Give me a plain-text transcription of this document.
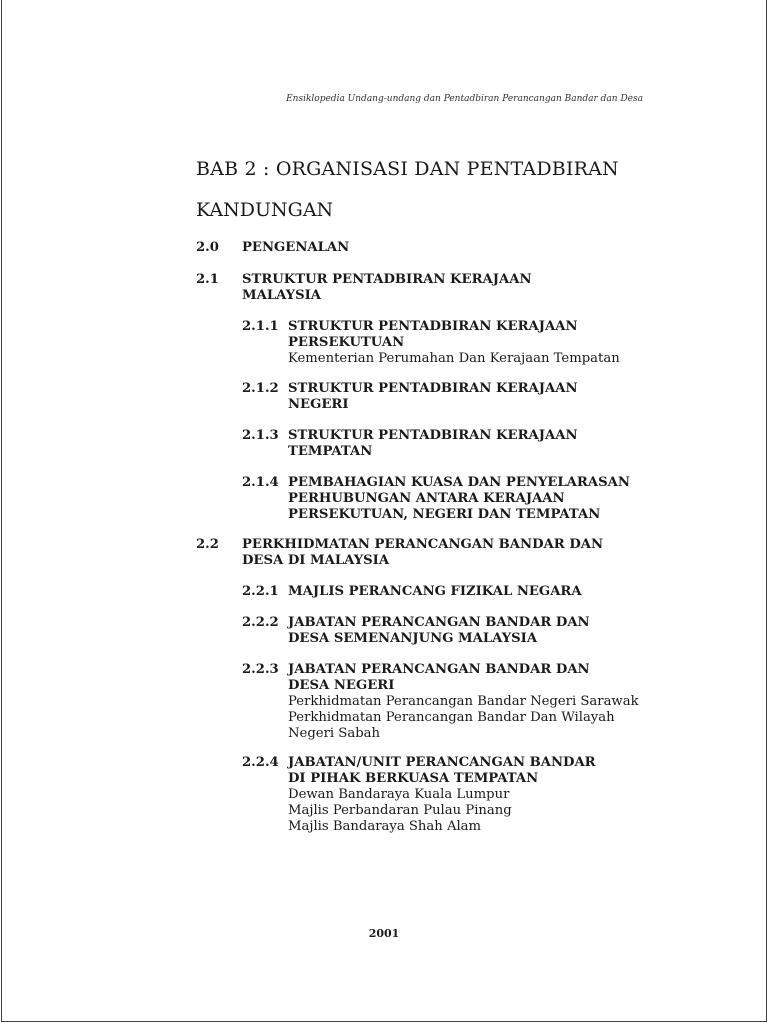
Ensiklopedia Undang-undang dan Pentadbiran Perancangan Bandar dan Desa
BAB 2 : ORGANISASI DAN PENTADBIRAN
KANDUNGAN
2.0 PENGENALAN
2.1 STRUKTUR PENTADBIRAN KERAJAAN
MALAYSIA
2.1.1 STRUKTUR PENTADBIRAN KERAJAAN
PERSEKUTUAN
Kementerian Perumahan Dan Kerajaan Tempatan
2.1.2 STRUKTUR PENTADBIRAN KERAJAAN
NEGERI
2.1.3 STRUKTUR PENTADBIRAN KERAJAAN
TEMPATAN
2.1.4 PEMBAHAGIAN KUASA DAN PENYELARASAN
PERHUBUNGAN ANTARA KERAJAAN
PERSEKUTUAN, NEGERI DAN TEMPATAN
2.2 PERKHIDMATAN PERANCANGAN BANDAR DAN
DESA DI MALAYSIA
2.2.1 MAJLIS PERANCANG FIZIKAL NEGARA
2.2.2 JABATAN PERANCANGAN BANDAR DAN
DESA SEMENANJUNG MALAYSIA
2.2.3 JABATAN PERANCANGAN BANDAR DAN
DESA NEGERI
Perkhidmatan Perancangan Bandar Negeri Sarawak
Perkhidmatan Perancangan Bandar Dan Wilayah
Negeri Sabah
2.2.4 JABATAN/UNIT PERANCANGAN BANDAR
DI PIHAK BERKUASA TEMPATAN
Dewan Bandaraya Kuala Lumpur
Majlis Perbandaran Pulau Pinang
Majlis Bandaraya Shah Alam
2001
